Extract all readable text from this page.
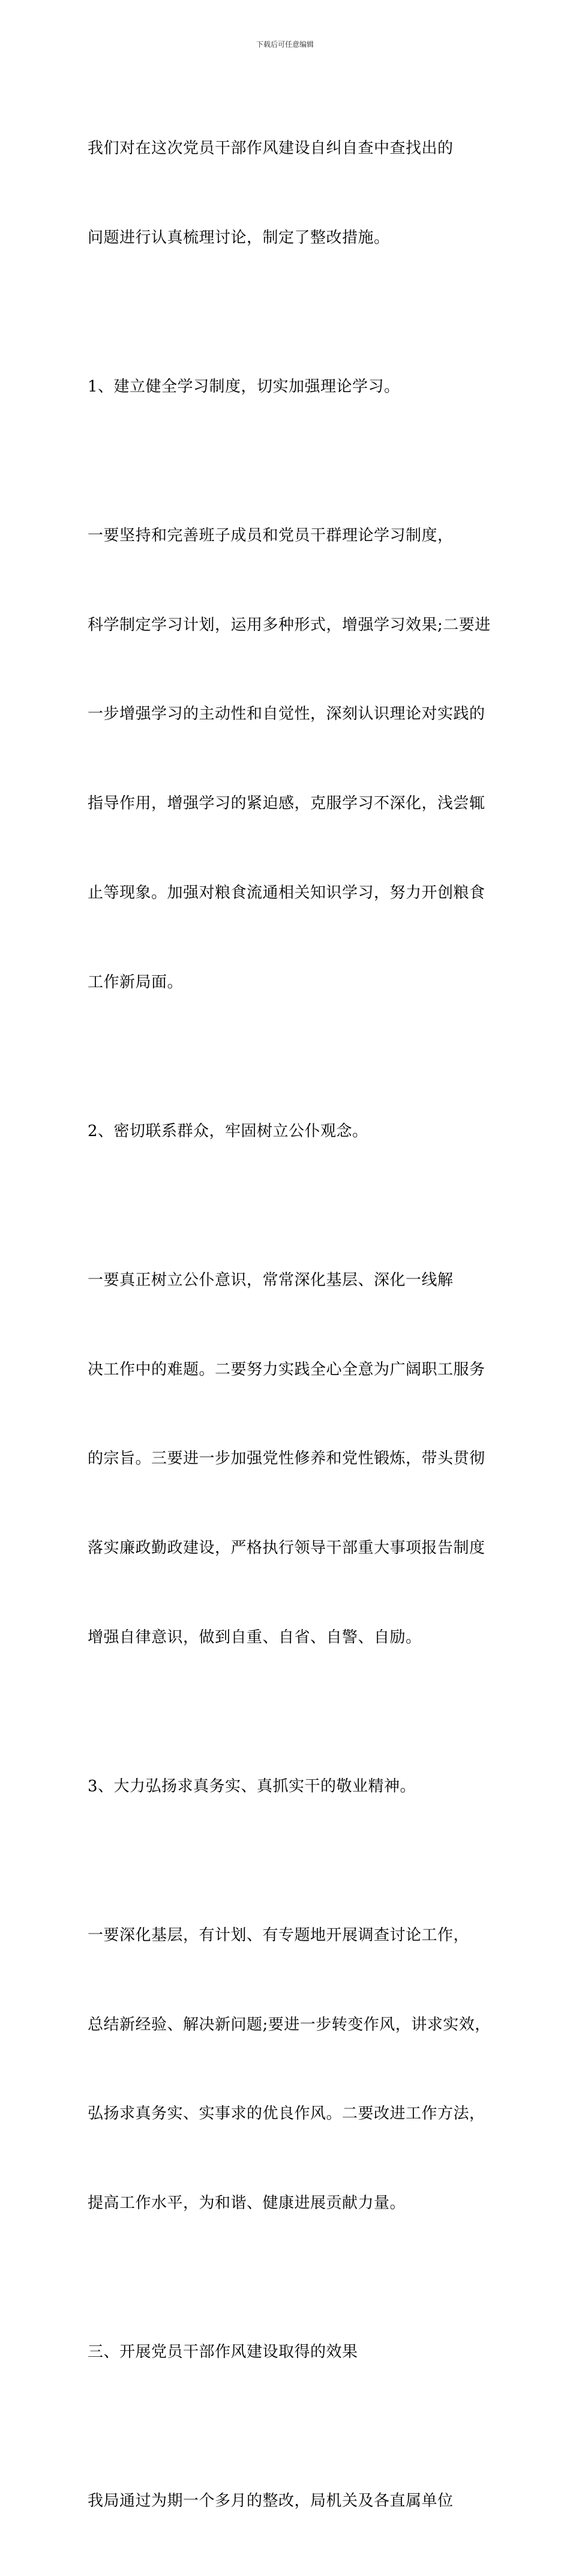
下载后可任意编辑

我们对在这次党员干部作风建设自纠自查中查找出的

问题进行认真梳理讨论，制定了整改措施。

1、建立健全学习制度，切实加强理论学习。

一要坚持和完善班子成员和党员干群理论学习制度，

科学制定学习计划，运用多种形式，增强学习效果;二要进

一步增强学习的主动性和自觉性，深刻认识理论对实践的

指导作用，增强学习的紧迫感，克服学习不深化，浅尝辄

止等现象。加强对粮食流通相关知识学习，努力开创粮食

工作新局面。

2、密切联系群众，牢固树立公仆观念。

一要真正树立公仆意识，常常深化基层、深化一线解

决工作中的难题。二要努力实践全心全意为广阔职工服务

的宗旨。三要进一步加强党性修养和党性锻炼，带头贯彻

落实廉政勤政建设，严格执行领导干部重大事项报告制度

增强自律意识，做到自重、自省、自警、自励。

3、大力弘扬求真务实、真抓实干的敬业精神。

一要深化基层，有计划、有专题地开展调查讨论工作，

总结新经验、解决新问题;要进一步转变作风，讲求实效，

弘扬求真务实、实事求的优良作风。二要改进工作方法，

提高工作水平，为和谐、健康进展贡献力量。

三、开展党员干部作风建设取得的效果

我局通过为期一个多月的整改，局机关及各直属单位
